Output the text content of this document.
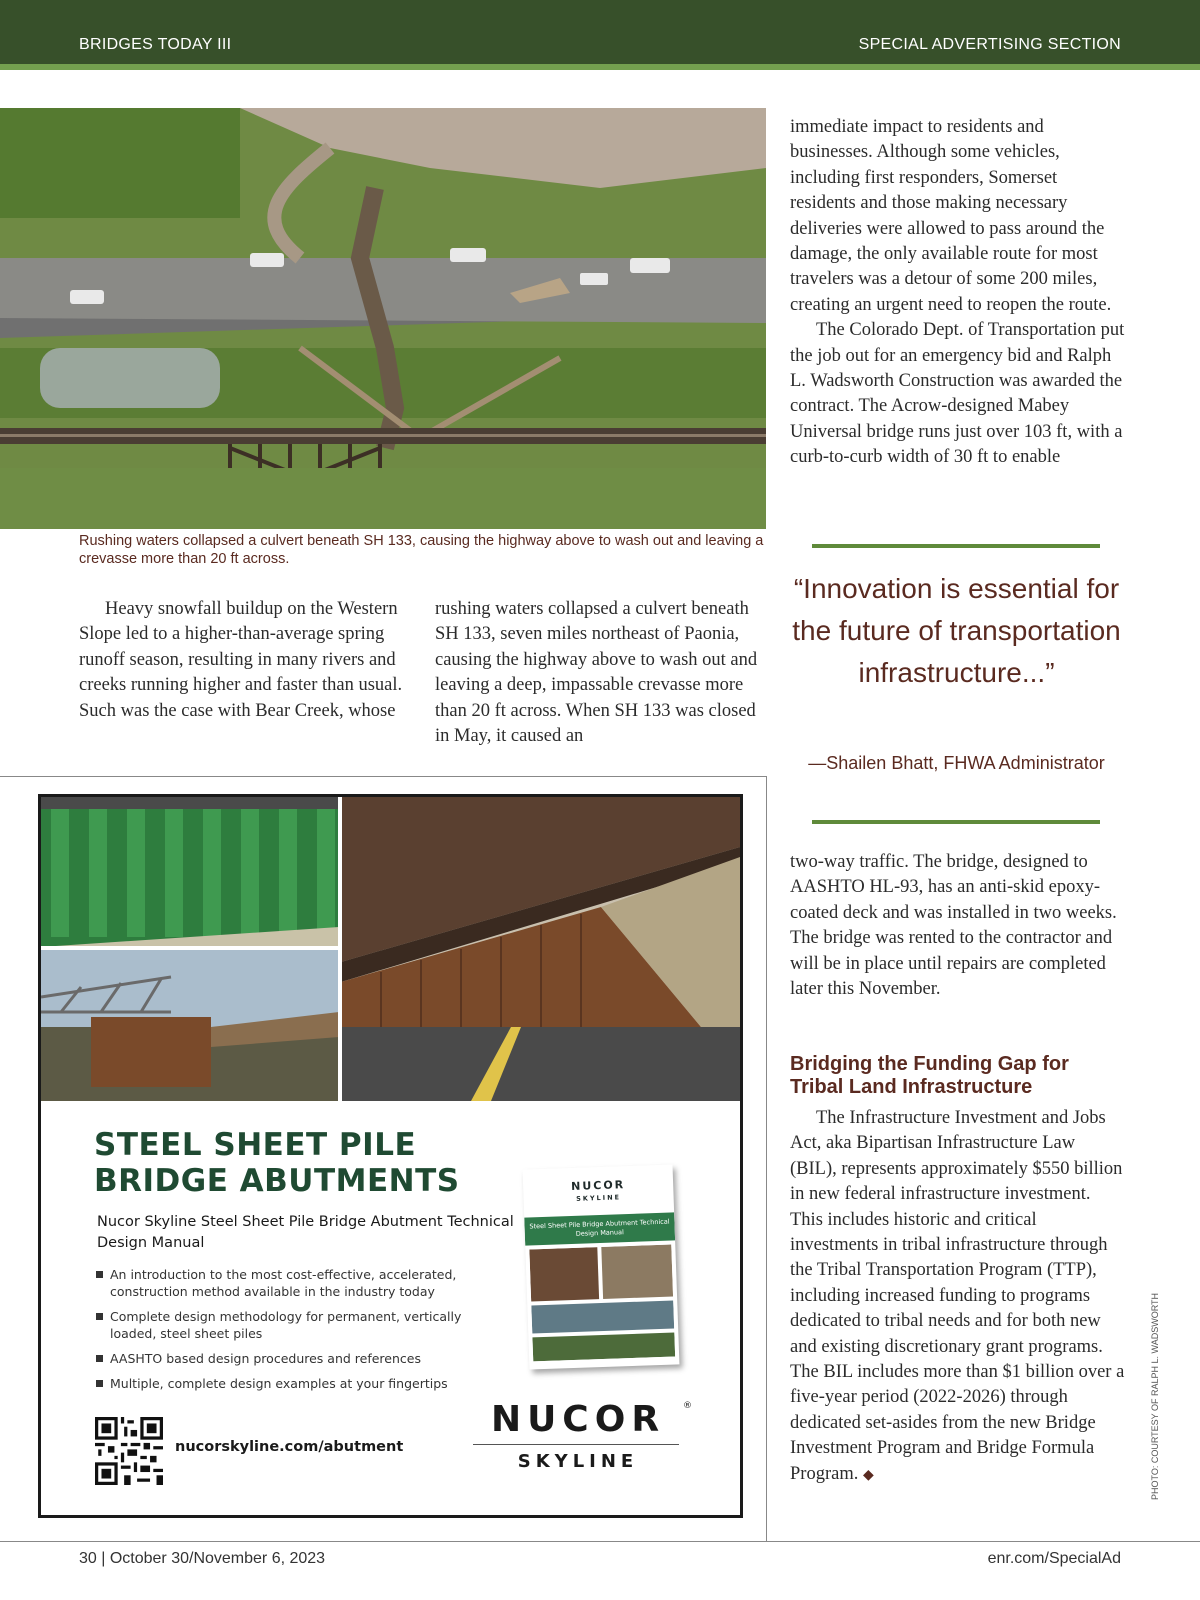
BRIDGES TODAY III	SPECIAL ADVERTISING SECTION
Rushing waters collapsed a culvert beneath SH 133, causing the highway above to wash out and leaving a crevasse more than 20 ft across.

Heavy snowfall buildup on the Western Slope led to a higher-than-average spring runoff season, resulting in many rivers and creeks running higher and faster than usual. Such was the case with Bear Creek, whose

rushing waters collapsed a culvert beneath SH 133, seven miles northeast of Paonia, causing the highway above to wash out and leaving a deep, impassable crevasse more than 20 ft across. When SH 133 was closed in May, it caused an

immediate impact to residents and businesses. Although some vehicles, including first responders, Somerset residents and those making necessary deliveries were allowed to pass around the damage, the only available route for most travelers was a detour of some 200 miles, creating an urgent need to reopen the route.

The Colorado Dept. of Transportation put the job out for an emergency bid and Ralph L. Wadsworth Construction was awarded the contract. The Acrow-designed Mabey Universal bridge runs just over 103 ft, with a curb-to-curb width of 30 ft to enable

“Innovation is essential for the future of transportation infrastructure...”
—Shailen Bhatt, FHWA Administrator

two-way traffic. The bridge, designed to AASHTO HL-93, has an anti-skid epoxy-coated deck and was installed in two weeks. The bridge was rented to the contractor and will be in place until repairs are completed later this November.

Bridging the Funding Gap for Tribal Land Infrastructure

The Infrastructure Investment and Jobs Act, aka Bipartisan Infrastructure Law (BIL), represents approximately $550 billion in new federal infrastructure investment. This includes historic and critical investments in tribal infrastructure through the Tribal Transportation Program (TTP), including increased funding to programs dedicated to tribal needs and for both new and existing discretionary grant programs. The BIL includes more than $1 billion over a five-year period (2022-2026) through dedicated set-asides from the new Bridge Investment Program and Bridge Formula Program. ◆	PHOTO: COURTESY OF RALPH L. WADSWORTH
STEEL SHEET PILE BRIDGE ABUTMENTS
Nucor Skyline Steel Sheet Pile Bridge Abutment Technical Design Manual
An introduction to the most cost-effective, accelerated, construction method available in the industry today
Complete design methodology for permanent, vertically loaded, steel sheet piles
AASHTO based design procedures and references
Multiple, complete design examples at your fingertips
NUCOR
SKYLINE
Steel Sheet Pile Bridge Abutment Technical Design Manual
nucorskyline.com/abutment
NUCOR	®
SKYLINE
30 | October 30/November 6, 2023	enr.com/SpecialAd
